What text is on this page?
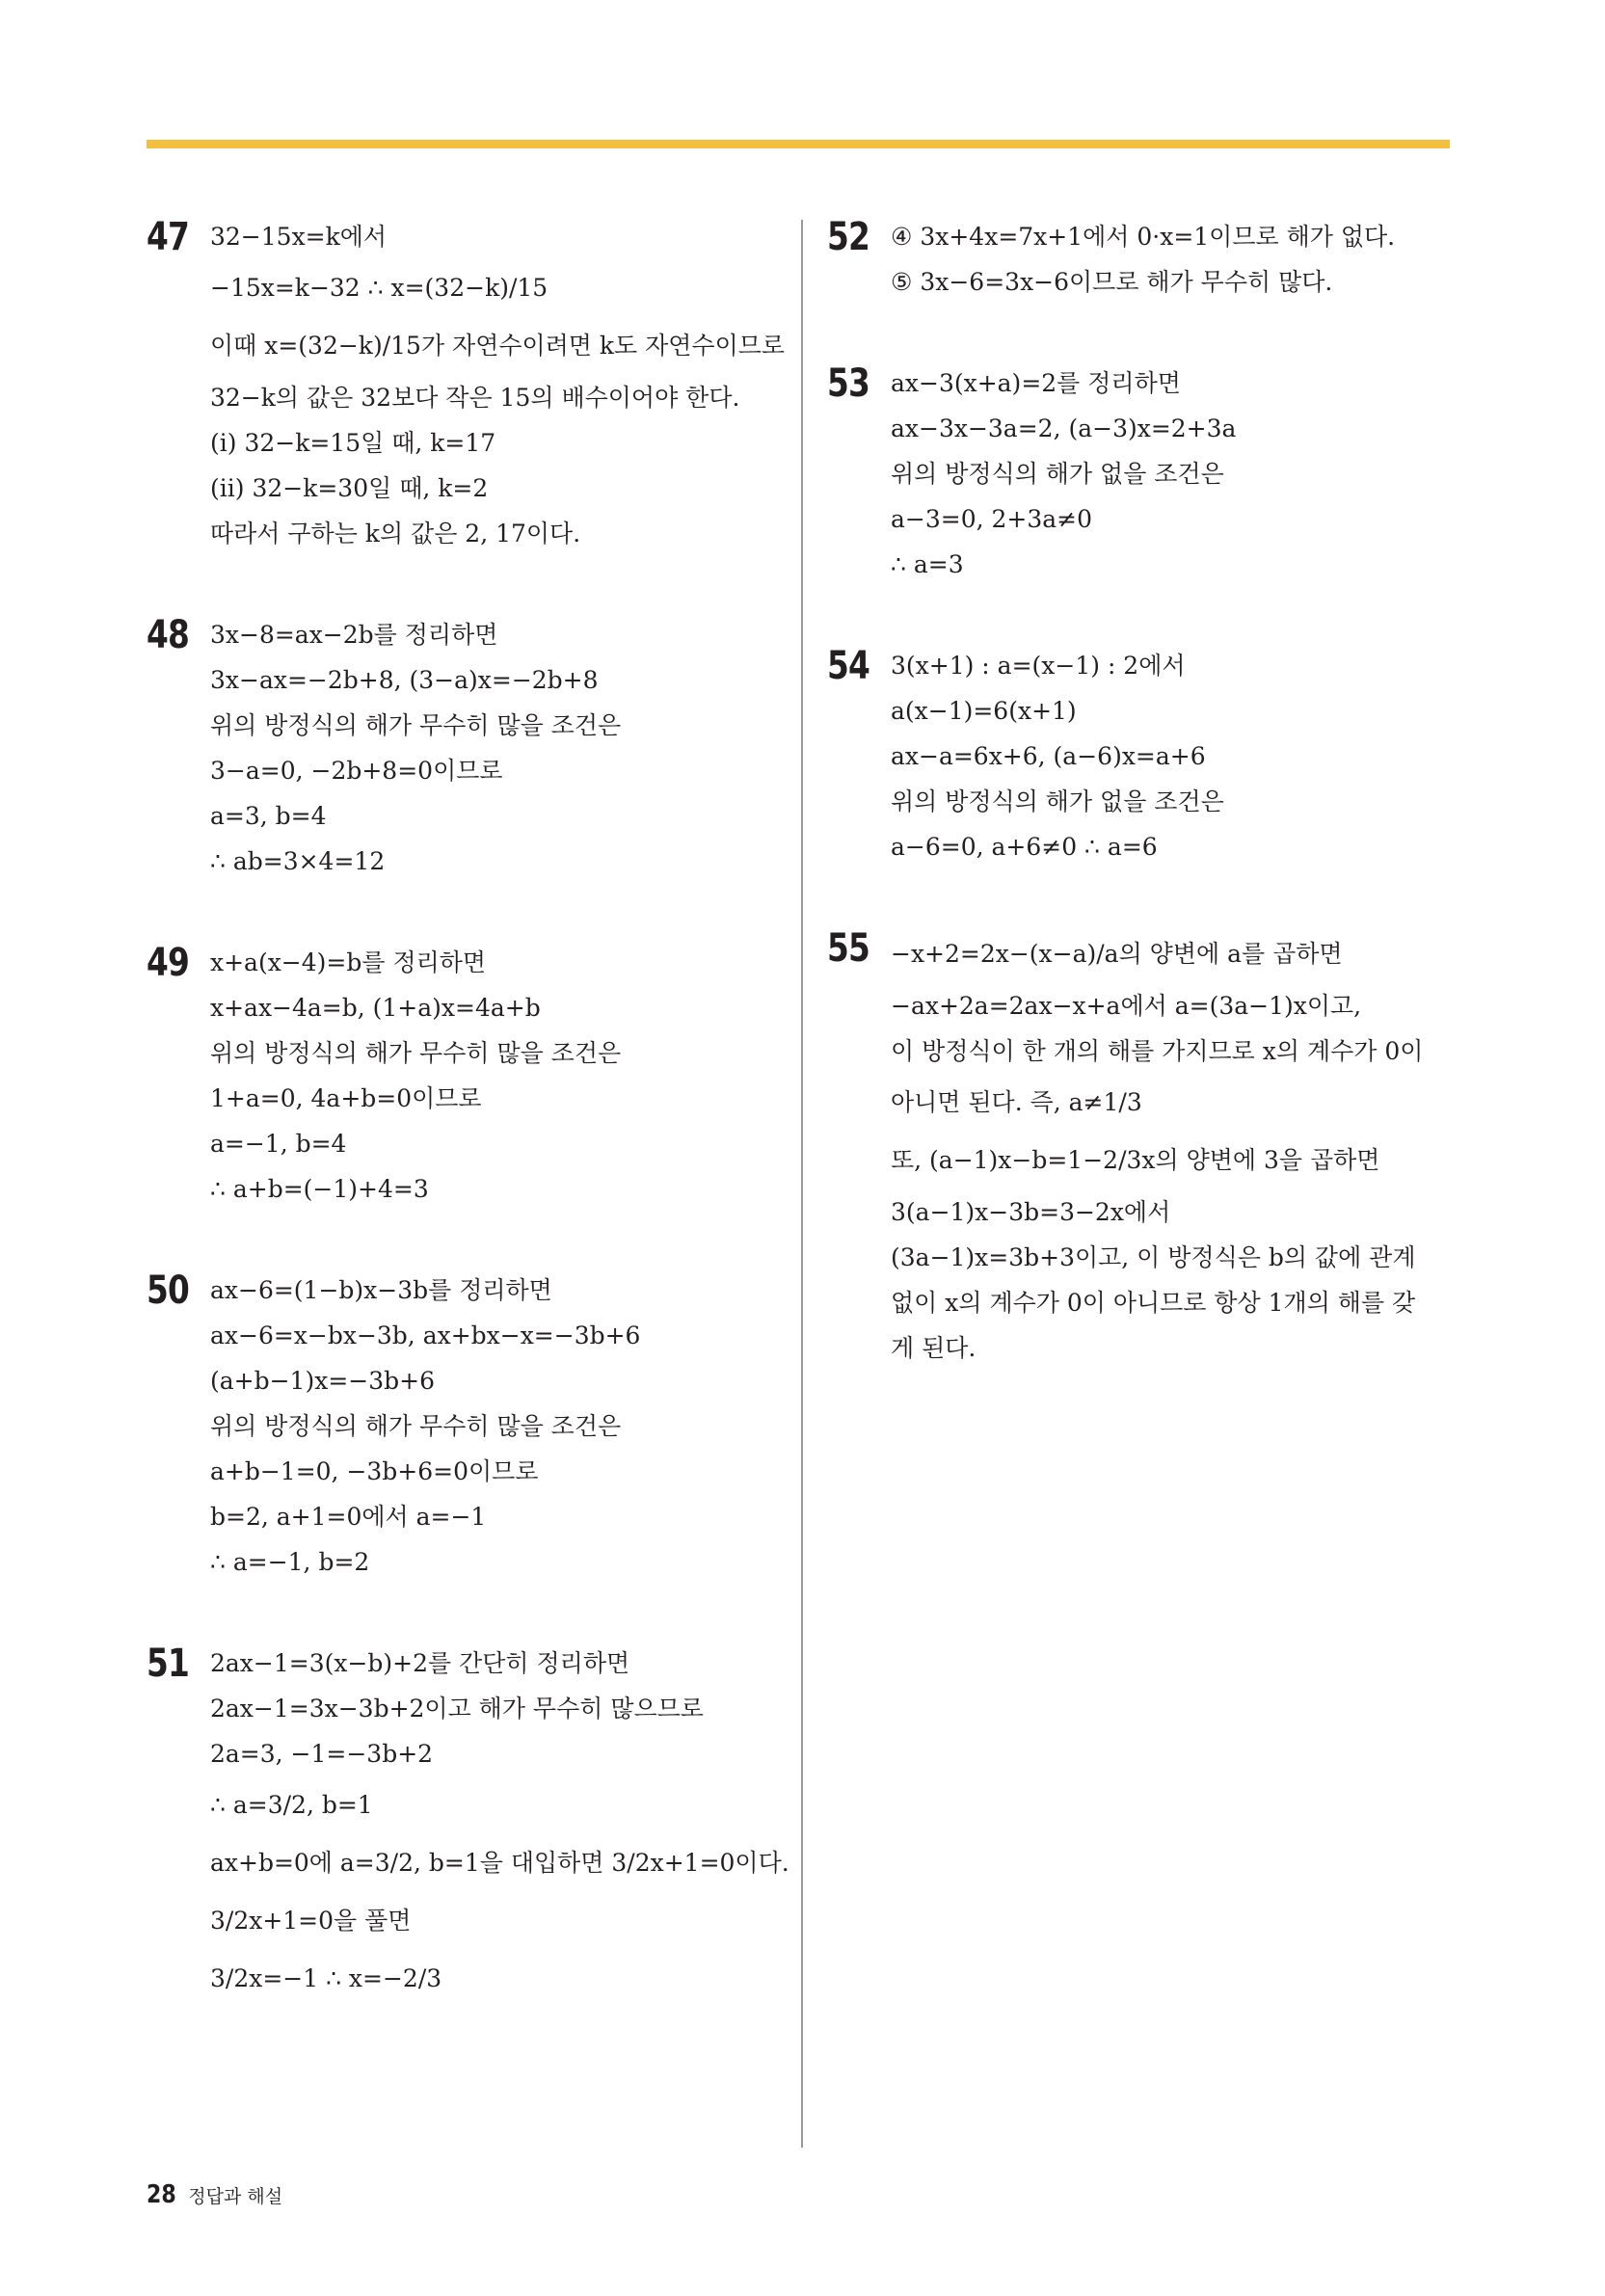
47 32−15x=k에서
−15x=k−32 ∴ x=(32−k)/15
이때 x=(32−k)/15가 자연수이려면 k도 자연수이므로
32−k의 값은 32보다 작은 15의 배수이어야 한다.
(ⅰ) 32−k=15일 때, k=17
(ⅱ) 32−k=30일 때, k=2
따라서 구하는 k의 값은 2, 17이다.
48 3x−8=ax−2b를 정리하면
3x−ax=−2b+8, (3−a)x=−2b+8
위의 방정식의 해가 무수히 많을 조건은
3−a=0, −2b+8=0이므로
a=3, b=4
∴ ab=3×4=12
49 x+a(x−4)=b를 정리하면
x+ax−4a=b, (1+a)x=4a+b
위의 방정식의 해가 무수히 많을 조건은
1+a=0, 4a+b=0이므로
a=−1, b=4
∴ a+b=(−1)+4=3
50 ax−6=(1−b)x−3b를 정리하면
ax−6=x−bx−3b, ax+bx−x=−3b+6
(a+b−1)x=−3b+6
위의 방정식의 해가 무수히 많을 조건은
a+b−1=0, −3b+6=0이므로
b=2, a+1=0에서 a=−1
∴ a=−1, b=2
51 2ax−1=3(x−b)+2를 간단히 정리하면
2ax−1=3x−3b+2이고 해가 무수히 많으므로
2a=3, −1=−3b+2
∴ a=3/2, b=1
ax+b=0에 a=3/2, b=1을 대입하면 3/2x+1=0이다.
3/2x+1=0을 풀면
3/2x=−1 ∴ x=−2/3
52 ④ 3x+4x=7x+1에서 0·x=1이므로 해가 없다.
⑤ 3x−6=3x−6이므로 해가 무수히 많다.
53 ax−3(x+a)=2를 정리하면
ax−3x−3a=2, (a−3)x=2+3a
위의 방정식의 해가 없을 조건은
a−3=0, 2+3a≠0
∴ a=3
54 3(x+1) : a=(x−1) : 2에서
a(x−1)=6(x+1)
ax−a=6x+6, (a−6)x=a+6
위의 방정식의 해가 없을 조건은
a−6=0, a+6≠0 ∴ a=6
55 −x+2=2x−(x−a)/a의 양변에 a를 곱하면
−ax+2a=2ax−x+a에서 a=(3a−1)x이고,
이 방정식이 한 개의 해를 가지므로 x의 계수가 0이
아니면 된다. 즉, a≠1/3
또, (a−1)x−b=1−2/3x의 양변에 3을 곱하면
3(a−1)x−3b=3−2x에서
(3a−1)x=3b+3이고, 이 방정식은 b의 값에 관계
없이 x의 계수가 0이 아니므로 항상 1개의 해를 갖
게 된다.
28 정답과 해설
